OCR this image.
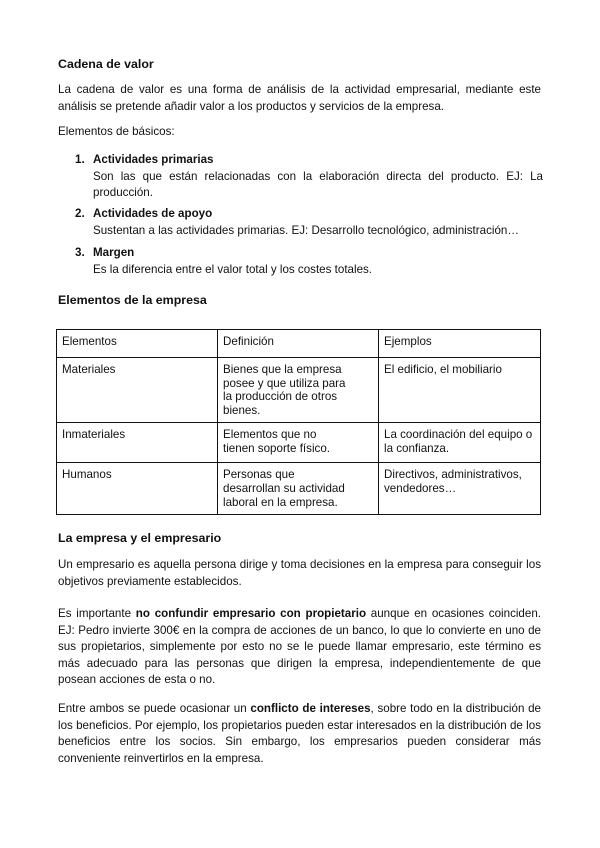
Cadena de valor

La cadena de valor es una forma de análisis de la actividad empresarial, mediante este análisis se pretende añadir valor a los productos y servicios de la empresa.

Elementos de básicos:

1. Actividades primarias
Son las que están relacionadas con la elaboración directa del producto. EJ: La producción.
2. Actividades de apoyo
Sustentan a las actividades primarias. EJ: Desarrollo tecnológico, administración…
3. Margen
Es la diferencia entre el valor total y los costes totales.
Elementos de la empresa
Elementos	Definición	Ejemplos
Materiales	Bienes que la empresa posee y que utiliza para la producción de otros bienes.	El edificio, el mobiliario
Inmateriales	Elementos que no tienen soporte físico.	La coordinación del equipo o la confianza.
Humanos	Personas que desarrollan su actividad laboral en la empresa.	Directivos, administrativos, vendedores…
La empresa y el empresario

Un empresario es aquella persona dirige y toma decisiones en la empresa para conseguir los objetivos previamente establecidos.

Es importante no confundir empresario con propietario aunque en ocasiones coinciden. EJ: Pedro invierte 300€ en la compra de acciones de un banco, lo que lo convierte en uno de sus propietarios, simplemente por esto no se le puede llamar empresario, este término es más adecuado para las personas que dirigen la empresa, independientemente de que posean acciones de esta o no.

Entre ambos se puede ocasionar un conflicto de intereses, sobre todo en la distribución de los beneficios. Por ejemplo, los propietarios pueden estar interesados en la distribución de los beneficios entre los socios. Sin embargo, los empresarios pueden considerar más conveniente reinvertirlos en la empresa.
